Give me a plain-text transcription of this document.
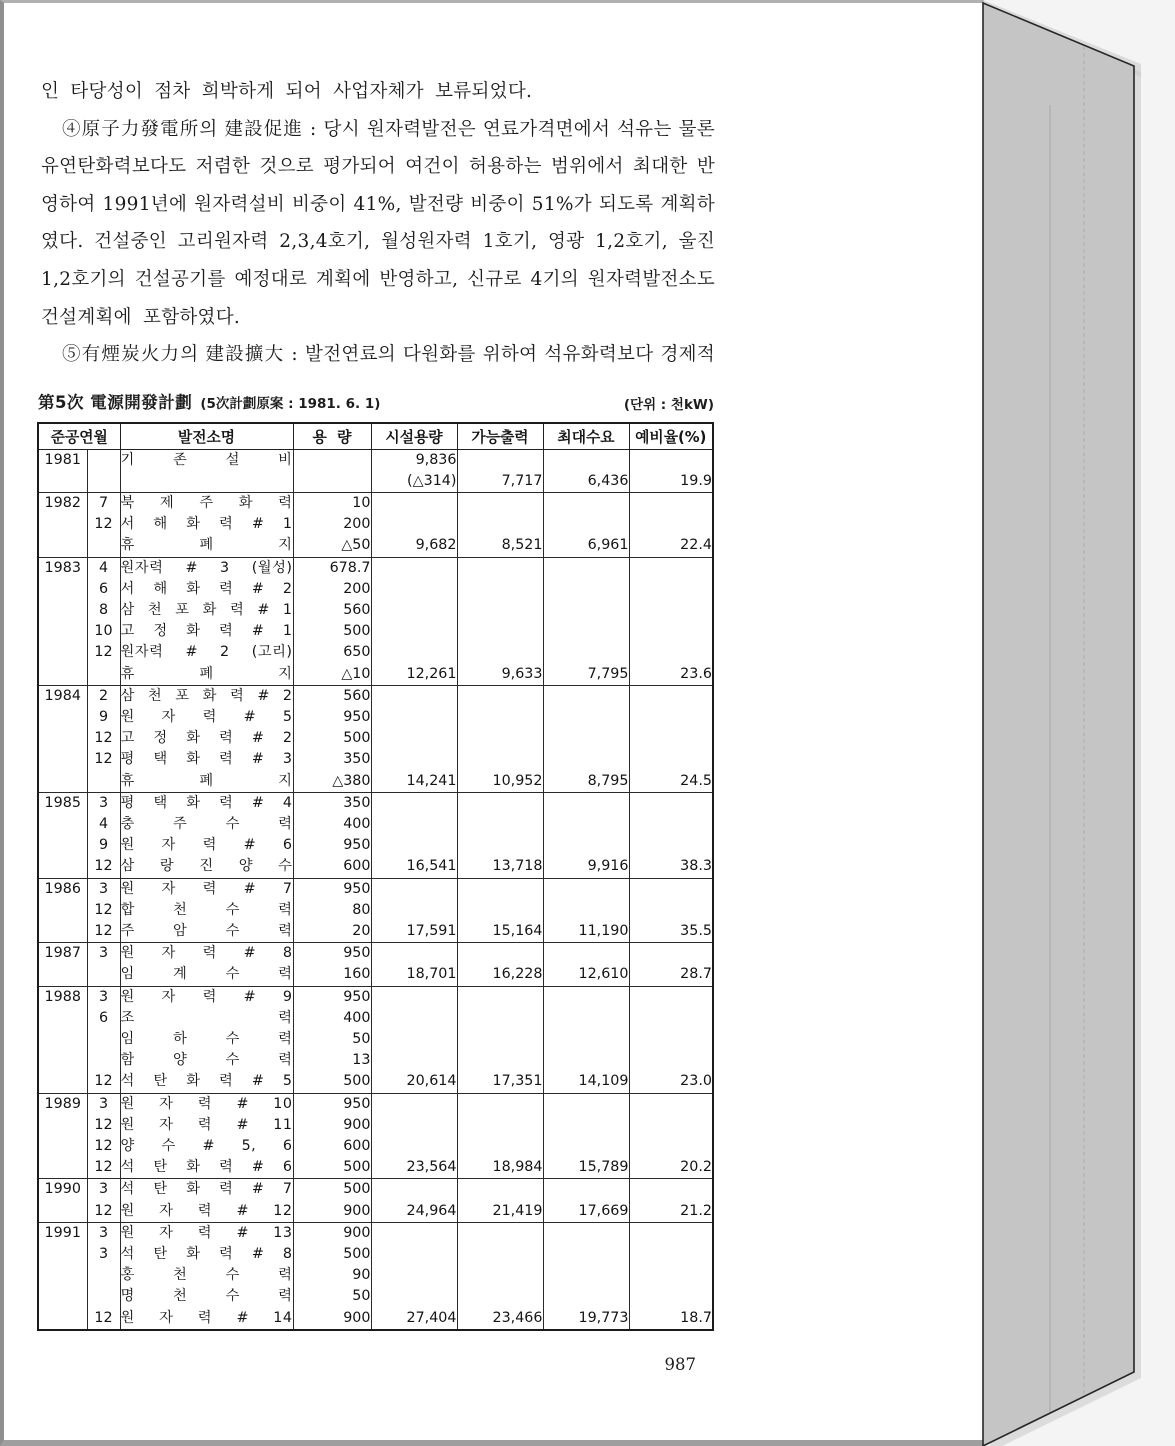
인 타당성이 점차 희박하게 되어 사업자체가 보류되었다.
④原子力發電所의 建設促進 : 당시 원자력발전은 연료가격면에서 석유는 물론
유연탄화력보다도 저렴한 것으로 평가되어 여건이 허용하는 범위에서 최대한 반
영하여 1991년에 원자력설비 비중이 41%, 발전량 비중이 51%가 되도록 계획하
였다. 건설중인 고리원자력 2,3,4호기, 월성원자력 1호기, 영광 1,2호기, 울진
1,2호기의 건설공기를 예정대로 계획에 반영하고, 신규로 4기의 원자력발전소도
건설계획에 포함하였다.
⑤有煙炭火力의 建設擴大 : 발전연료의 다원화를 위하여 석유화력보다 경제적
第5次 電源開發計劃 (5次計劃原案 : 1981. 6. 1)	(단위 : 천kW)
준공연월		발전소명	용  량	시설용량	가능출력	최대수요	예비율(%)
1981		기 존 설 비		9,836			
				(△314)	7,717	6,436	19.9
1982	7	북 제 주 화 력	10				
	12	서 해 화 력 # 1	200				
		휴 폐 지	△50	9,682	8,521	6,961	22.4
1983	4	원자력 # 3 (월성)	678.7				
	6	서 해 화 력 # 2	200				
	8	삼 천 포 화 력 # 1	560				
	10	고 정 화 력 # 1	500				
	12	원자력 # 2 (고리)	650				
		휴 폐 지	△10	12,261	9,633	7,795	23.6
1984	2	삼 천 포 화 력 # 2	560				
	9	원 자 력 # 5	950				
	12	고 정 화 력 # 2	500				
	12	평 택 화 력 # 3	350				
		휴 폐 지	△380	14,241	10,952	8,795	24.5
1985	3	평 택 화 력 # 4	350				
	4	충 주 수 력	400				
	9	원 자 력 # 6	950				
	12	삼 랑 진 양 수	600	16,541	13,718	9,916	38.3
1986	3	원 자 력 # 7	950				
	12	합 천 수 력	80				
	12	주 암 수 력	20	17,591	15,164	11,190	35.5
1987	3	원 자 력 # 8	950				
		임 계 수 력	160	18,701	16,228	12,610	28.7
1988	3	원 자 력 # 9	950				
	6	조 력	400				
		임 하 수 력	50				
		함 양 수 력	13				
	12	석 탄 화 력 # 5	500	20,614	17,351	14,109	23.0
1989	3	원 자 력 # 10	950				
	12	원 자 력 # 11	900				
	12	양 수 # 5, 6	600				
	12	석 탄 화 력 # 6	500	23,564	18,984	15,789	20.2
1990	3	석 탄 화 력 # 7	500				
	12	원 자 력 # 12	900	24,964	21,419	17,669	21.2
1991	3	원 자 력 # 13	900				
	3	석 탄 화 력 # 8	500				
		홍 천 수 력	90				
		명 천 수 력	50				
	12	원 자 력 # 14	900	27,404	23,466	19,773	18.7
987
